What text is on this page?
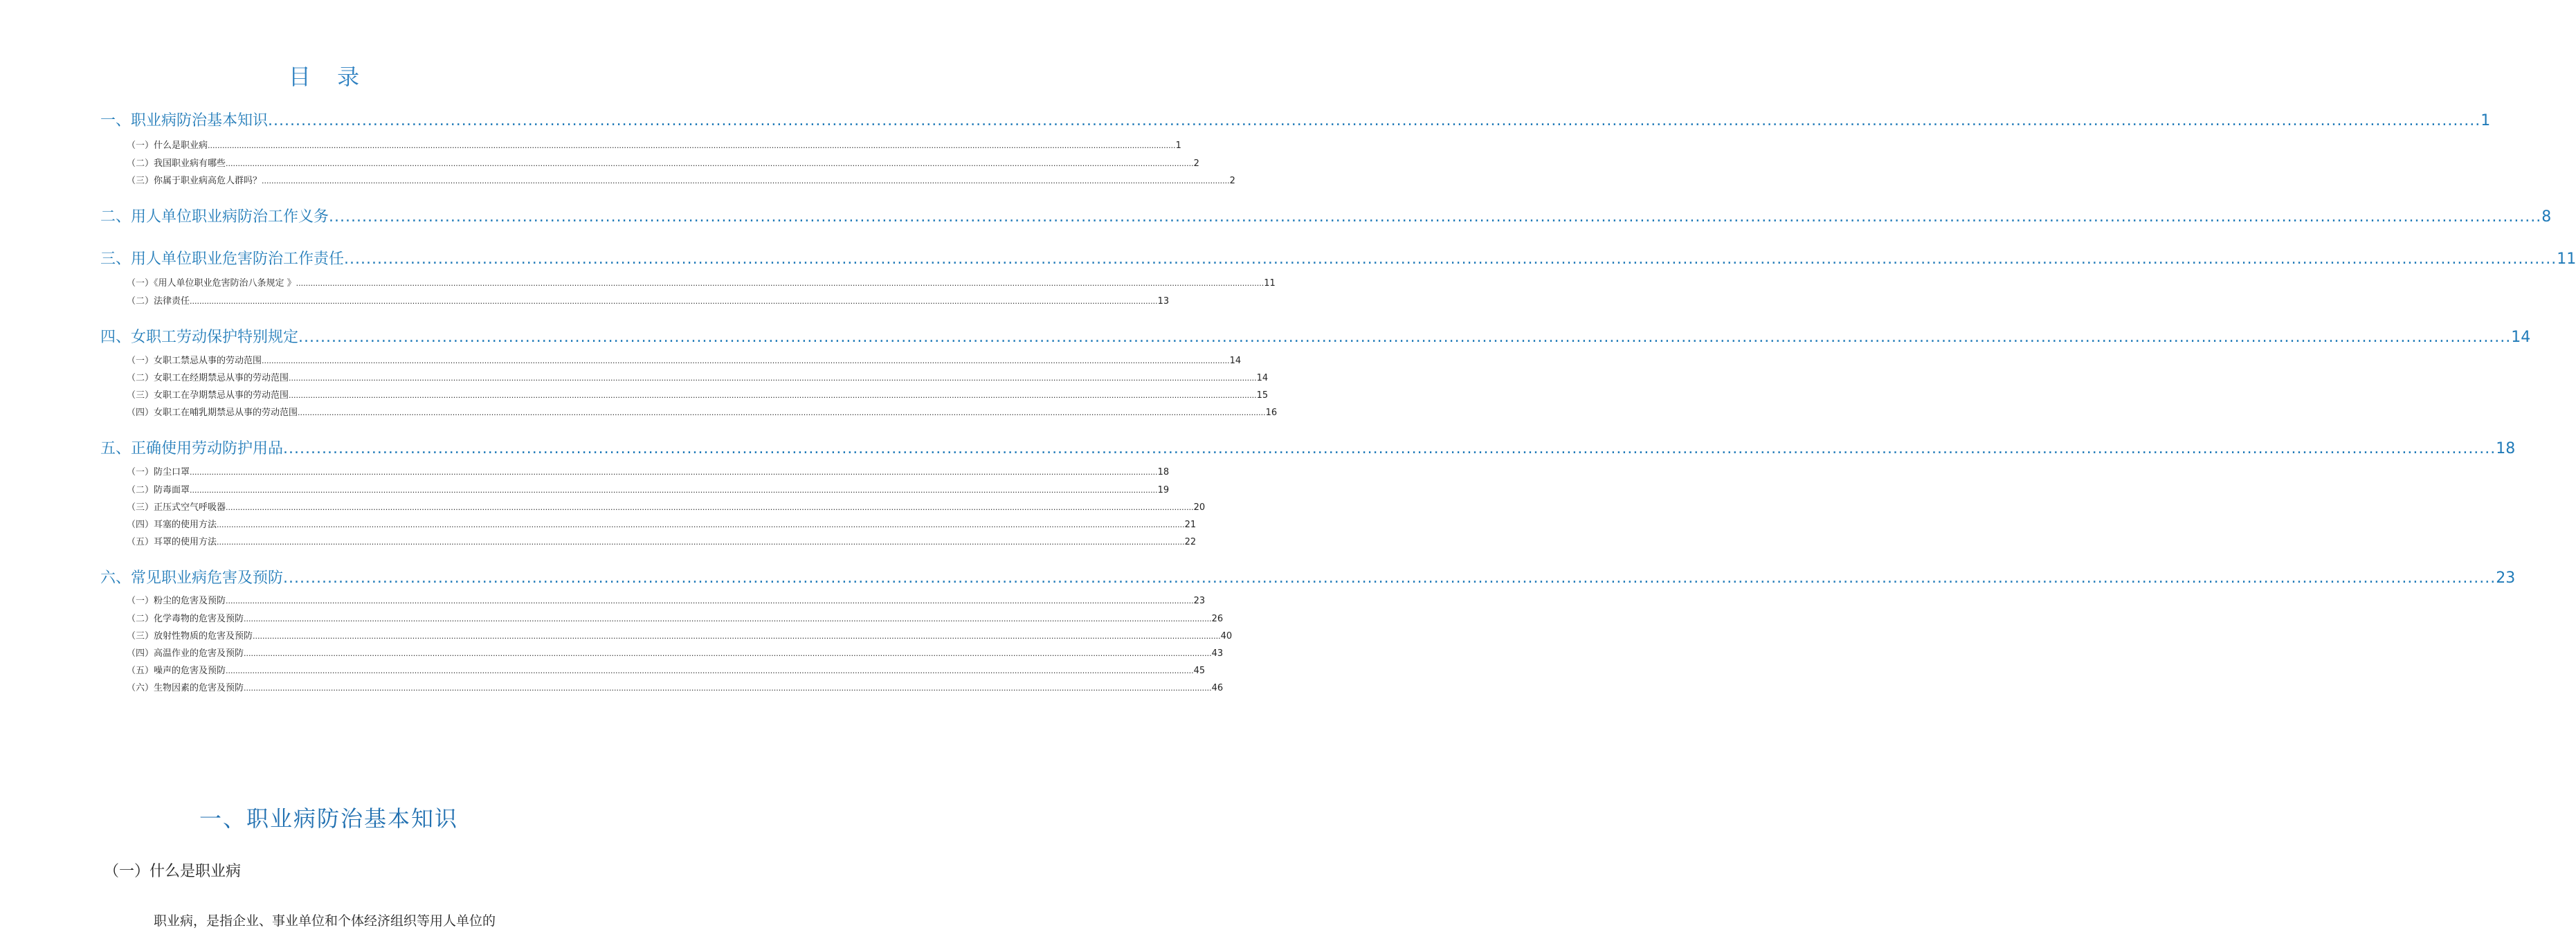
目 录
一、职业病防治基本知识 ................................................................................................................................................................................................................................................................................................................................................................................................................ 1
（一）什么是职业病 ................................................................................................................................................................................................................................................................................................................................................................................................................ 1
（二）我国职业病有哪些 ................................................................................................................................................................................................................................................................................................................................................................................................................ 2
（三）你属于职业病高危人群吗？ ................................................................................................................................................................................................................................................................................................................................................................................................................ 2
二、用人单位职业病防治工作义务 ................................................................................................................................................................................................................................................................................................................................................................................................................ 8
三、用人单位职业危害防治工作责任 ................................................................................................................................................................................................................................................................................................................................................................................................................ 11
（一）《用人单位职业危害防治八条规定 》 ................................................................................................................................................................................................................................................................................................................................................................................................................ 11
（二）法律责任 ................................................................................................................................................................................................................................................................................................................................................................................................................ 13
四、女职工劳动保护特别规定 ................................................................................................................................................................................................................................................................................................................................................................................................................ 14
（一）女职工禁忌从事的劳动范围 ................................................................................................................................................................................................................................................................................................................................................................................................................ 14
（二）女职工在经期禁忌从事的劳动范围 ................................................................................................................................................................................................................................................................................................................................................................................................................ 14
（三）女职工在孕期禁忌从事的劳动范围 ................................................................................................................................................................................................................................................................................................................................................................................................................ 15
（四）女职工在哺乳期禁忌从事的劳动范围 ................................................................................................................................................................................................................................................................................................................................................................................................................ 16
五、正确使用劳动防护用品 ................................................................................................................................................................................................................................................................................................................................................................................................................ 18
（一）防尘口罩 ................................................................................................................................................................................................................................................................................................................................................................................................................ 18
（二）防毒面罩 ................................................................................................................................................................................................................................................................................................................................................................................................................ 19
（三）正压式空气呼吸器 ................................................................................................................................................................................................................................................................................................................................................................................................................ 20
（四）耳塞的使用方法 ................................................................................................................................................................................................................................................................................................................................................................................................................ 21
（五）耳罩的使用方法 ................................................................................................................................................................................................................................................................................................................................................................................................................ 22
六、常见职业病危害及预防 ................................................................................................................................................................................................................................................................................................................................................................................................................ 23
（一）粉尘的危害及预防 ................................................................................................................................................................................................................................................................................................................................................................................................................ 23
（二）化学毒物的危害及预防 ................................................................................................................................................................................................................................................................................................................................................................................................................ 26
（三）放射性物质的危害及预防 ................................................................................................................................................................................................................................................................................................................................................................................................................ 40
（四）高温作业的危害及预防 ................................................................................................................................................................................................................................................................................................................................................................................................................ 43
（五）噪声的危害及预防 ................................................................................................................................................................................................................................................................................................................................................................................................................ 45
（六）生物因素的危害及预防 ................................................................................................................................................................................................................................................................................................................................................................................................................ 46
一、职业病防治基本知识
（一）什么是职业病

职业病，是指企业、事业单位和个体经济组织等用人单位的
